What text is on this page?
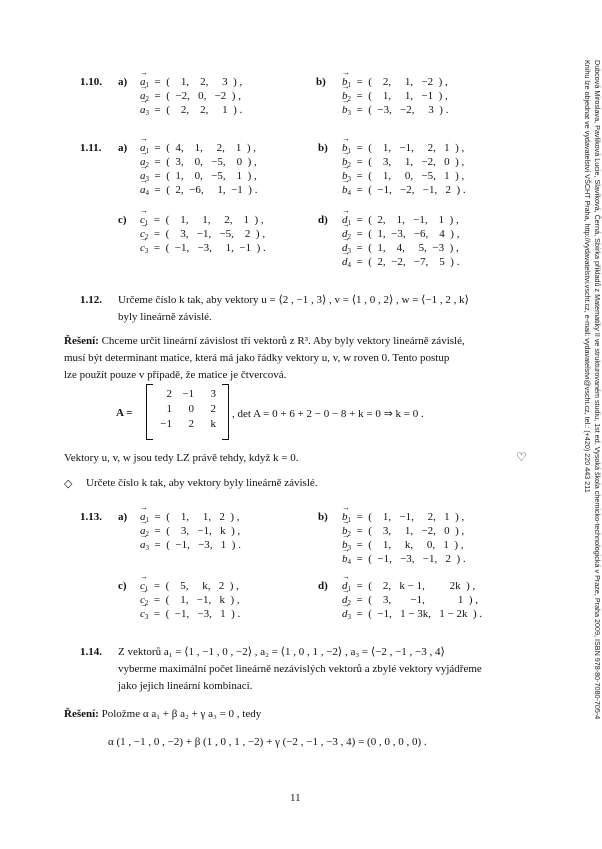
Dubcová Miroslava, Pavlíková Lucie, Slavíková, Černá, Sbírka příkladů z Matematiky II ve strukturovaném studiu, 1st ed. Vysoká škola chemicko-technologická v Praze, Praha 2009, ISBN 978-80-7080-705-4
Knihu lze objednat ve vydavatelství VŠCHT Praha, http://vydavatelstvi.vscht.cz, e-mail: vydavatelstvi@vscht.cz, tel.: (+420) 220 443 211
1.10. a)	b)
→ $a_1$  =  (    1,    2,     3  ) ,
→ $a_2$  =  (  −2,   0,   −2  ) ,
→ $a_3$  =  (    2,    2,     1  ) .
→ $b_1$  =  (    2,     1,   −2  ) ,
→ $b_2$  =  (    1,     1,   −1  ) ,
→ $b_3$  =  (  −3,   −2,     3  ) .
1.11. a)	b)
c)	d)
→ $a_1$  =  (  4,    1,     2,    1  ) ,
→ $a_2$  =  (  3,    0,   −5,    0  ) ,
→ $a_3$  =  (  1,    0,   −5,    1  ) ,
→ $a_4$  =  (  2,  −6,     1,  −1  ) .
→ $b_1$  =  (    1,   −1,     2,   1  ) ,
→ $b_2$  =  (    3,     1,   −2,   0  ) ,
→ $b_3$  =  (    1,     0,   −5,   1  ) ,
→ $b_4$  =  (  −1,   −2,   −1,   2  ) .
→ $c_1$  =  (    1,     1,     2,    1  ) ,
→ $c_2$  =  (    3,   −1,   −5,    2  ) ,
→ $c_3$  =  (  −1,   −3,     1,  −1  ) .
→ $d_1$  =  (  2,    1,   −1,    1  ) ,
→ $d_2$  =  (  1,  −3,   −6,    4  ) ,
→ $d_3$  =  (  1,    4,     5,  −3  ) ,
→ $d_4$  =  (  2,  −2,   −7,    5  ) .
1.12. Určeme číslo k tak, aby vektory u = ⟨2 , −1 , 3⟩ , v = ⟨1 , 0 , 2⟩ , w = ⟨−1 , 2 , k⟩
byly lineárně závislé.
Řešení: Chceme určit lineární závislost tří vektorů z R³. Aby byly vektory lineárně závislé,
musí být determinant matice, která má jako řádky vektory u, v, w roven 0. Tento postup
lze použít pouze v případě, že matice je čtvercová.
A =
2 −1	3
1	0	2
−1	2	k
, det A = 0 + 6 + 2 − 0 − 8 + k = 0 ⇒ k = 0 .
Vektory u, v, w jsou tedy LZ právě tehdy, když k = 0.	♡
◇ Určete číslo k tak, aby vektory byly lineárně závislé.
1.13. a)	b)
c)	d)
→ $a_1$  =  (    1,     1,   2  ) ,
→ $a_2$  =  (    3,   −1,   k  ) ,
→ $a_3$  =  (  −1,   −3,   1  ) .
→ $b_1$  =  (    1,   −1,     2,   1  ) ,
→ $b_2$  =  (    3,     1,   −2,   0  ) ,
→ $b_3$  =  (    1,     k,     0,   1  ) ,
→ $b_4$  =  (  −1,   −3,   −1,   2  ) .
→ $c_1$  =  (    5,     k,   2  ) ,
→ $c_2$  =  (    1,   −1,   k  ) ,
→ $c_3$  =  (  −1,   −3,   1  ) .
→ $d_1$  =  (    2,   k − 1,         2k  ) ,
→ $d_2$  =  (    3,       −1,            1  ) ,
→ $d_3$  =  (  −1,   1 − 3k,   1 − 2k  ) .
1.14. Z vektorů a₁ = ⟨1 , −1 , 0 , −2⟩ , a₂ = ⟨1 , 0 , 1 , −2⟩ , a₃ = ⟨−2 , −1 , −3 , 4⟩
vyberme maximální počet lineárně nezávislých vektorů a zbylé vektory vyjádřeme
jako jejich lineární kombinaci.
Řešení: Položme α a₁ + β a₂ + γ a₃ = 0 , tedy
α (1 , −1 , 0 , −2) + β (1 , 0 , 1 , −2) + γ (−2 , −1 , −3 , 4) = (0 , 0 , 0 , 0) .
11
